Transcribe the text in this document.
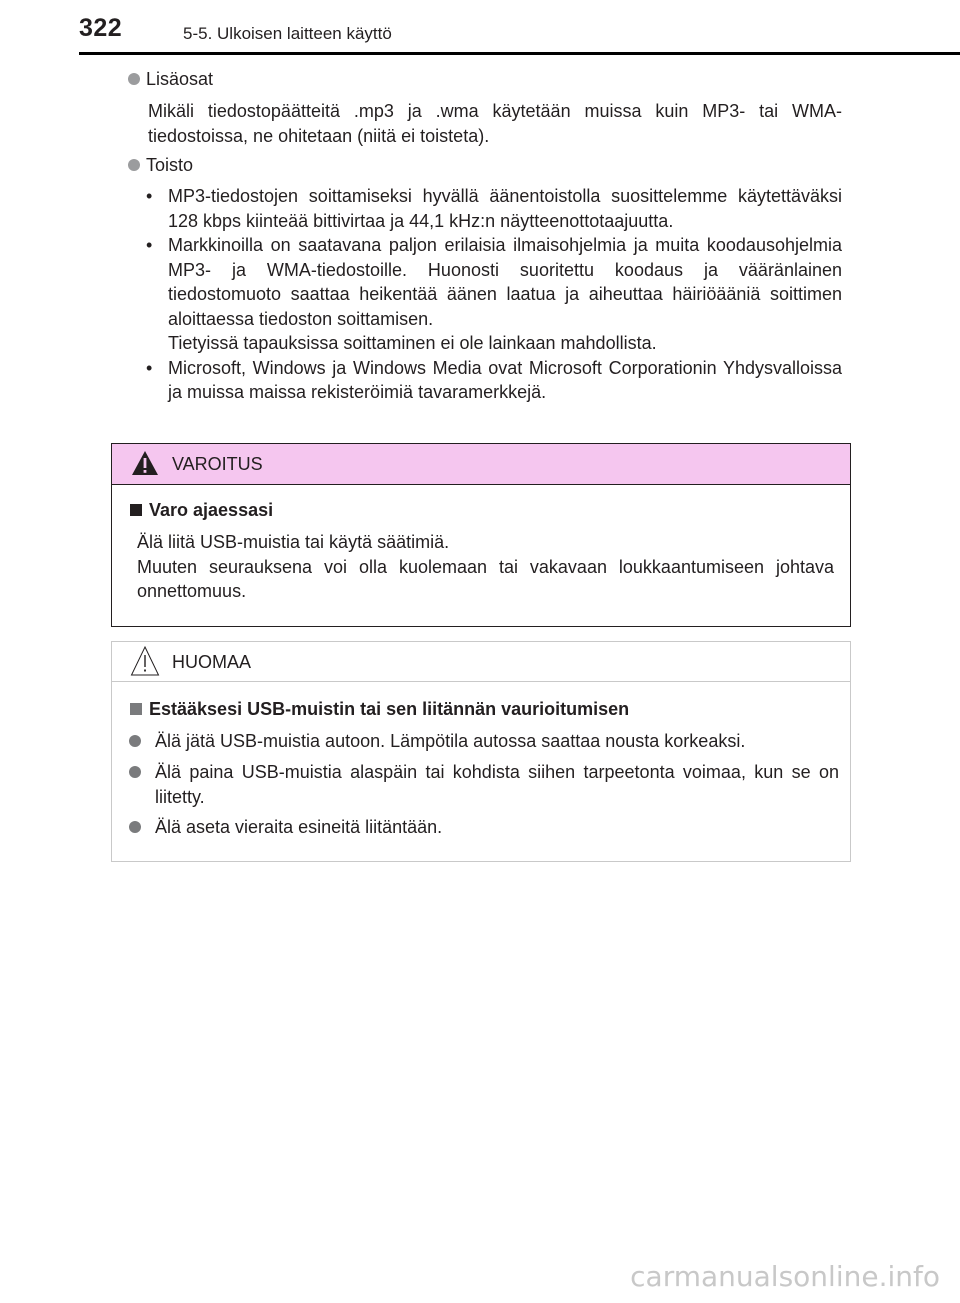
322	5-5. Ulkoisen laitteen käyttö
Lisäosat
Mikäli tiedostopäätteitä .mp3 ja .wma käytetään muissa kuin MP3- tai WMA-tiedostoissa, ne ohitetaan (niitä ei toisteta).
Toisto
• MP3-tiedostojen soittamiseksi hyvällä äänentoistolla suosittelemme käytettäväksi 128 kbps kiinteää bittivirtaa ja 44,1 kHz:n näytteenottotaajuutta.
• Markkinoilla on saatavana paljon erilaisia ilmaisohjelmia ja muita koodausohjelmia MP3- ja WMA-tiedostoille. Huonosti suoritettu koodaus ja vääränlainen tiedostomuoto saattaa heikentää äänen laatua ja aiheuttaa häiriöääniä soittimen aloittaessa tiedoston soittamisen.
Tietyissä tapauksissa soittaminen ei ole lainkaan mahdollista.
• Microsoft, Windows ja Windows Media ovat Microsoft Corporationin Yhdysvalloissa ja muissa maissa rekisteröimiä tavaramerkkejä.
VAROITUS
Varo ajaessasi
Älä liitä USB-muistia tai käytä säätimiä.
Muuten seurauksena voi olla kuolemaan tai vakavaan loukkaantumiseen johtava onnettomuus.
HUOMAA
Estääksesi USB-muistin tai sen liitännän vaurioitumisen
Älä jätä USB-muistia autoon. Lämpötila autossa saattaa nousta korkeaksi.
Älä paina USB-muistia alaspäin tai kohdista siihen tarpeetonta voimaa, kun se on liitetty.
Älä aseta vieraita esineitä liitäntään.
carmanualsonline.info
